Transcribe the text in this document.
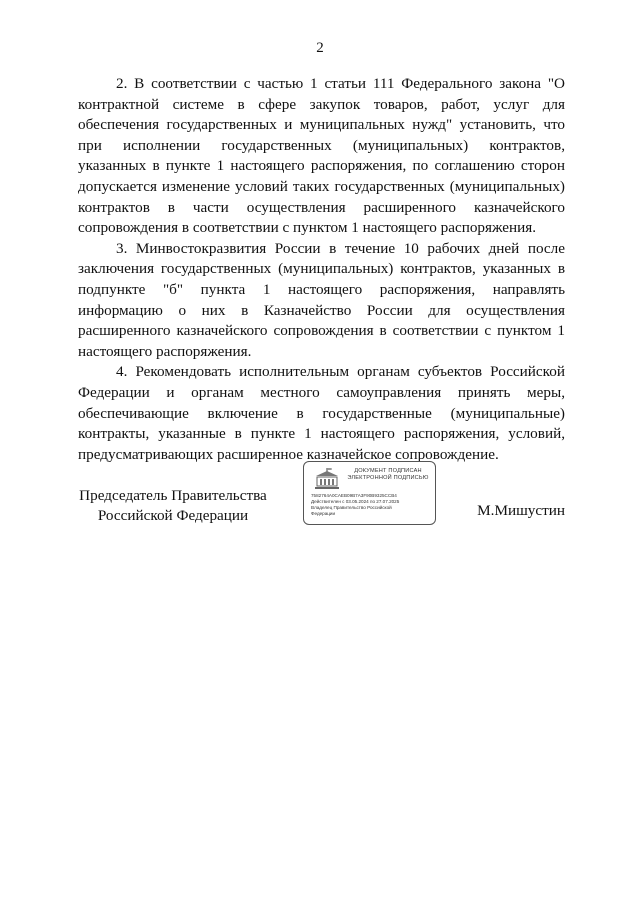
2

2. В соответствии с частью 1 статьи 111 Федерального закона "О контрактной системе в сфере закупок товаров, работ, услуг для обеспечения государственных и муниципальных нужд" установить, что при исполнении государственных (муниципальных) контрактов, указанных в пункте 1 настоящего распоряжения, по соглашению сторон допускается изменение условий таких государственных (муниципальных) контрактов в части осуществления расширенного казначейского сопровождения в соответствии с пунктом 1 настоящего распоряжения.

3. Минвостокразвития России в течение 10 рабочих дней после заключения государственных (муниципальных) контрактов, указанных в подпункте "б" пункта 1 настоящего распоряжения, направлять информацию о них в Казначейство России для осуществления расширенного казначейского сопровождения в соответствии с пунктом 1 настоящего распоряжения.

4. Рекомендовать исполнительным органам субъектов Российской Федерации и органам местного самоуправления принять меры, обеспечивающие включение в государственные (муниципальные) контракты, указанные в пункте 1 настоящего распоряжения, условий, предусматривающих расширенное казначейское сопровождение.

Председатель Правительства
Российской Федерации
ДОКУМЕНТ ПОДПИСАН
ЭЛЕКТРОННОЙ ПОДПИСЬЮ
7582764A0CAEB09B7A3F90B9325CCB4
Действителен с 03.05.2024 по 27.07.2025
Владелец Правительство Российской
Федерации	М.Мишустин
